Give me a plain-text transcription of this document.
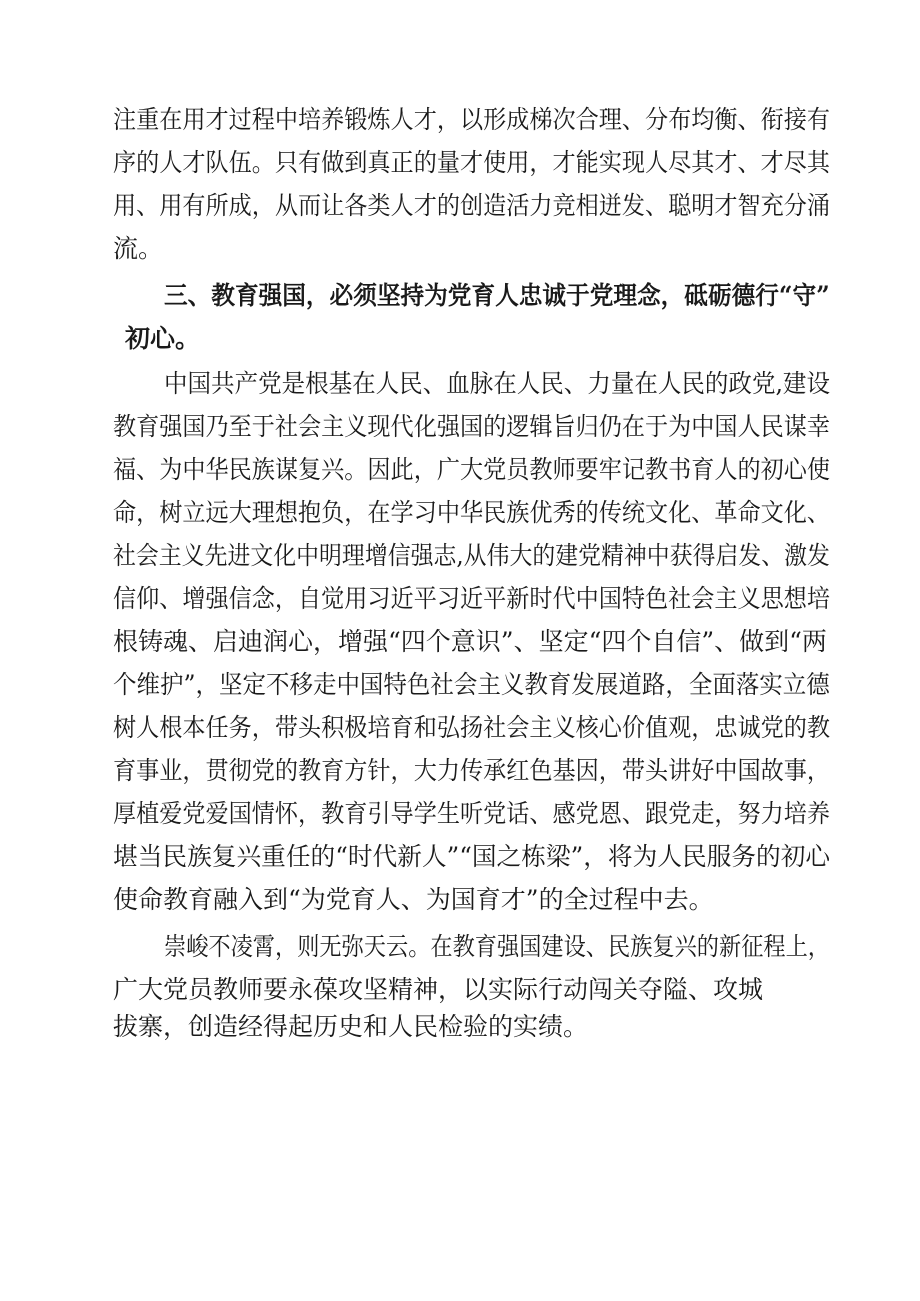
注重在用才过程中培养锻炼人才，以形成梯次合理、分布均衡、衔接有
序的人才队伍。只有做到真正的量才使用，才能实现人尽其才、才尽其
用、用有所成，从而让各类人才的创造活力竞相迸发、聪明才智充分涌
流。
三、教育强国，必须坚持为党育人忠诚于党理念，砥砺德行“守”
初心。
中国共产党是根基在人民、血脉在人民、力量在人民的政党,建设
教育强国乃至于社会主义现代化强国的逻辑旨归仍在于为中国人民谋幸
福、为中华民族谋复兴。因此，广大党员教师要牢记教书育人的初心使
命，树立远大理想抱负，在学习中华民族优秀的传统文化、革命文化、
社会主义先进文化中明理增信强志,从伟大的建党精神中获得启发、激发
信仰、增强信念，自觉用习近平习近平新时代中国特色社会主义思想培
根铸魂、启迪润心，增强“四个意识”、坚定“四个自信”、做到“两
个维护”，坚定不移走中国特色社会主义教育发展道路，全面落实立德
树人根本任务，带头积极培育和弘扬社会主义核心价值观，忠诚党的教
育事业，贯彻党的教育方针，大力传承红色基因，带头讲好中国故事，
厚植爱党爱国情怀，教育引导学生听党话、感党恩、跟党走，努力培养
堪当民族复兴重任的“时代新人”“国之栋梁”，将为人民服务的初心
使命教育融入到“为党育人、为国育才”的全过程中去。
崇峻不凌霄，则无弥天云。在教育强国建设、民族复兴的新征程上，
广大党员教师要永葆攻坚精神，以实际行动闯关夺隘、攻城
拔寨，创造经得起历史和人民检验的实绩。
